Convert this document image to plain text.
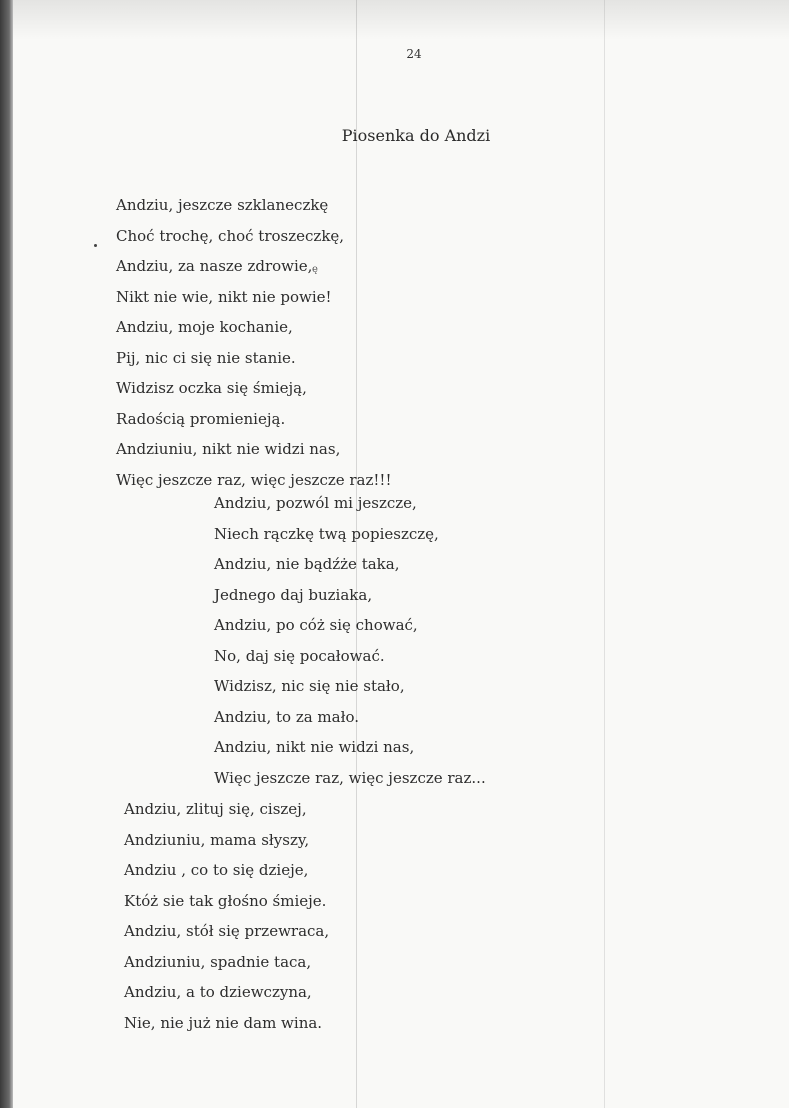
24
Piosenka do Andzi
ę
Andziu, jeszcze szklaneczkę
Choć trochę, choć troszeczkę,
Andziu, za nasze zdrowie,
Nikt nie wie, nikt nie powie!
Andziu, moje kochanie,
Pij, nic ci się nie stanie.
Widzisz oczka się śmieją,
Radością promienieją.
Andziuniu, nikt nie widzi nas,
Więc jeszcze raz, więc jeszcze raz!!!
Andziu, pozwól mi jeszcze,
Niech rączkę twą popieszczę,
Andziu, nie bądźże taka,
Jednego daj buziaka,
Andziu, po cóż się chować,
No, daj się pocałować.
Widzisz, nic się nie stało,
Andziu, to za mało.
Andziu, nikt nie widzi nas,
Więc jeszcze raz, więc jeszcze raz...
Andziu, zlituj się, ciszej,
Andziuniu, mama słyszy,
Andziu , co to się dzieje,
Któż sie tak głośno śmieje.
Andziu, stół się przewraca,
Andziuniu, spadnie taca,
Andziu, a to dziewczyna,
Nie, nie już nie dam wina.
